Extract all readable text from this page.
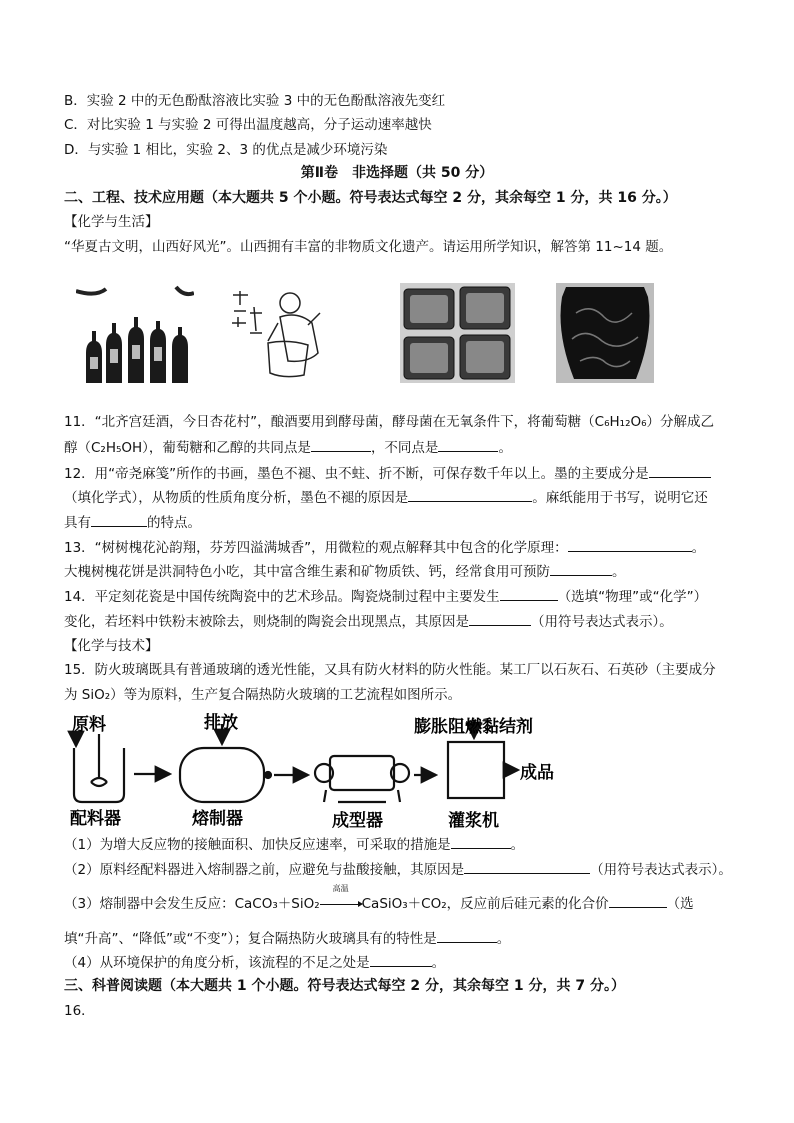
B．实验 2 中的无色酚酞溶液比实验 3 中的无色酚酞溶液先变红
C．对比实验 1 与实验 2 可得出温度越高，分子运动速率越快
D．与实验 1 相比，实验 2、3 的优点是减少环境污染
第Ⅱ卷　非选择题（共 50 分）
二、工程、技术应用题（本大题共 5 个小题。符号表达式每空 2 分，其余每空 1 分，共 16 分。）
【化学与生活】
“华夏古文明，山西好风光”。山西拥有丰富的非物质文化遗产。请运用所学知识，解答第 11~14 题。
11．“北齐宫廷酒，今日杏花村”，酿酒要用到酵母菌，酵母菌在无氧条件下，将葡萄糖（C₆H₁₂O₆）分解成乙
醇（C₂H₅OH），葡萄糖和乙醇的共同点是	，不同点是	。
12．用“帝尧麻笺”所作的书画，墨色不褪、虫不蛀、折不断，可保存数千年以上。墨的主要成分是
（填化学式），从物质的性质角度分析，墨色不褪的原因是	。麻纸能用于书写，说明它还
具有	的特点。
13．“树树槐花沁韵翔，芬芳四溢满城香”，用微粒的观点解释其中包含的化学原理：	。
大槐树槐花饼是洪洞特色小吃，其中富含维生素和矿物质铁、钙，经常食用可预防	。
14．平定刻花瓷是中国传统陶瓷中的艺术珍品。陶瓷烧制过程中主要发生	（选填“物理”或“化学”）
变化，若坯料中铁粉末被除去，则烧制的陶瓷会出现黑点，其原因是	（用符号表达式表示）。
【化学与技术】
15．防火玻璃既具有普通玻璃的透光性能，又具有防火材料的防火性能。某工厂以石灰石、石英砂（主要成分
为 SiO₂）等为原料，生产复合隔热防火玻璃的工艺流程如图所示。
原料	排放	膨胀阻燃黏结剂
成品
配料器	熔制器	成型器	灌浆机
（1）为增大反应物的接触面积、加快反应速率，可采取的措施是	。
（2）原料经配料器进入熔制器之前，应避免与盐酸接触，其原因是	（用符号表达式表示）。
（3）熔制器中会发生反应：CaCO₃＋SiO₂
高温
CaSiO₃＋CO₂，反应前后硅元素的化合价	（选
填“升高”、“降低”或“不变”）；复合隔热防火玻璃具有的特性是	。
（4）从环境保护的角度分析，该流程的不足之处是	。
三、科普阅读题（本大题共 1 个小题。符号表达式每空 2 分，其余每空 1 分，共 7 分。）
16．
